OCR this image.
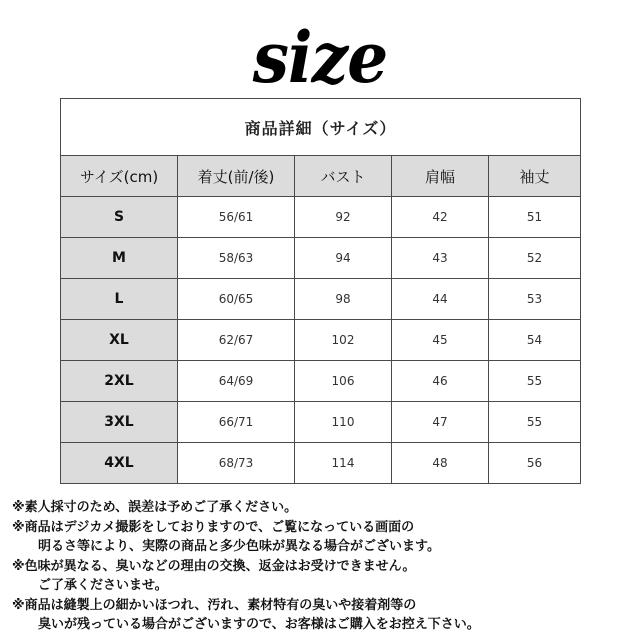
size
商品詳細（サイズ）				
サイズ(cm)	着丈(前/後)	バスト	肩幅	袖丈
S	56/61	92	42	51
M	58/63	94	43	52
L	60/65	98	44	53
XL	62/67	102	45	54
2XL	64/69	106	46	55
3XL	66/71	110	47	55
4XL	68/73	114	48	56
※素人採寸のため、誤差は予めご了承ください。
※商品はデジカメ撮影をしておりますので、ご覧になっている画面の
明るさ等により、実際の商品と多少色味が異なる場合がございます。
※色味が異なる、臭いなどの理由の交換、返金はお受けできません。
ご了承くださいませ。
※商品は縫製上の細かいほつれ、汚れ、素材特有の臭いや接着剤等の
臭いが残っている場合がございますので、お客様はご購入をお控え下さい。
